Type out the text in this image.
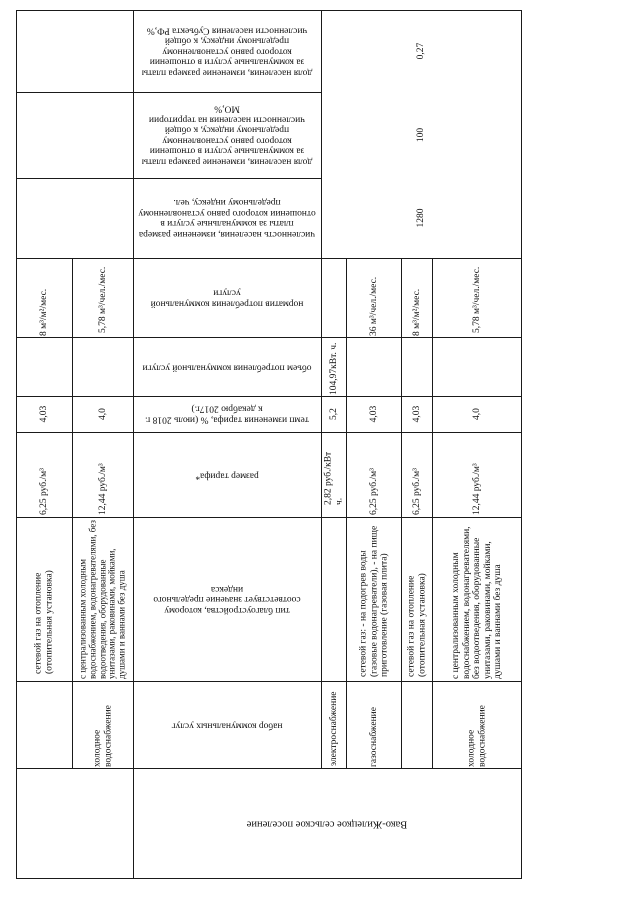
Вако-Жилецкое сельское поселение
набор коммунальных услуг
тип благоустройства, которому соответствует значение предельного индекса
размер тарифа*
темп изменения тарифа, % (июль 2018 г. к декабрю 2017г.)
объем потребления коммунальной услуги
норматив потребления коммунальной услуги
численность населения, изменение размера платы за коммунальные услуги в отношении которого равно установленному предельному индексу, чел.
доля населения, изменение размера платы за коммунальные услуги в отношении которого равно установленному предельному индексу, к общей численности населения на территории МО,%
доля населения, изменение размера платы за коммунальные услуги в отношении которого равно установленному предельному индексу, к общей численности населения Субъекта РФ,%
1280
100
0,27
сетевой газ на отопление (отопительная установка)
6,25 руб./м³
4,03
8 м³/м²/мес.
холодное водоснабжение
с централизованным холодным водоснабжением, водонагревателями, без водоотведения, оборудованные унитазами, раковинами, мойками, душами и ваннами без душа
12,44 руб./м³
4,0
5,78 м³/чел./мес.
электроснабжение
2,82 руб./кВт ч.
5,2
104,97кВт. ч.
газоснабжение
сетевой газ: - на подогрев воды (газовые водонагреватели), - на пище приготовление (газовая плита)
6,25 руб./м³
4,03
36 м³/чел./мес.
сетевой газ на отопление (отопительная установка)
6,25 руб./м³
4,03
8 м³/м²/мес.
холодное водоснабжение
с централизованным холодным водоснабжением, водонагревателями, без водоотведения, оборудованные унитазами, раковинами, мойками, душами и ваннами без душа
12,44 руб./м³
4,0
5,78 м³/чел./мес.
